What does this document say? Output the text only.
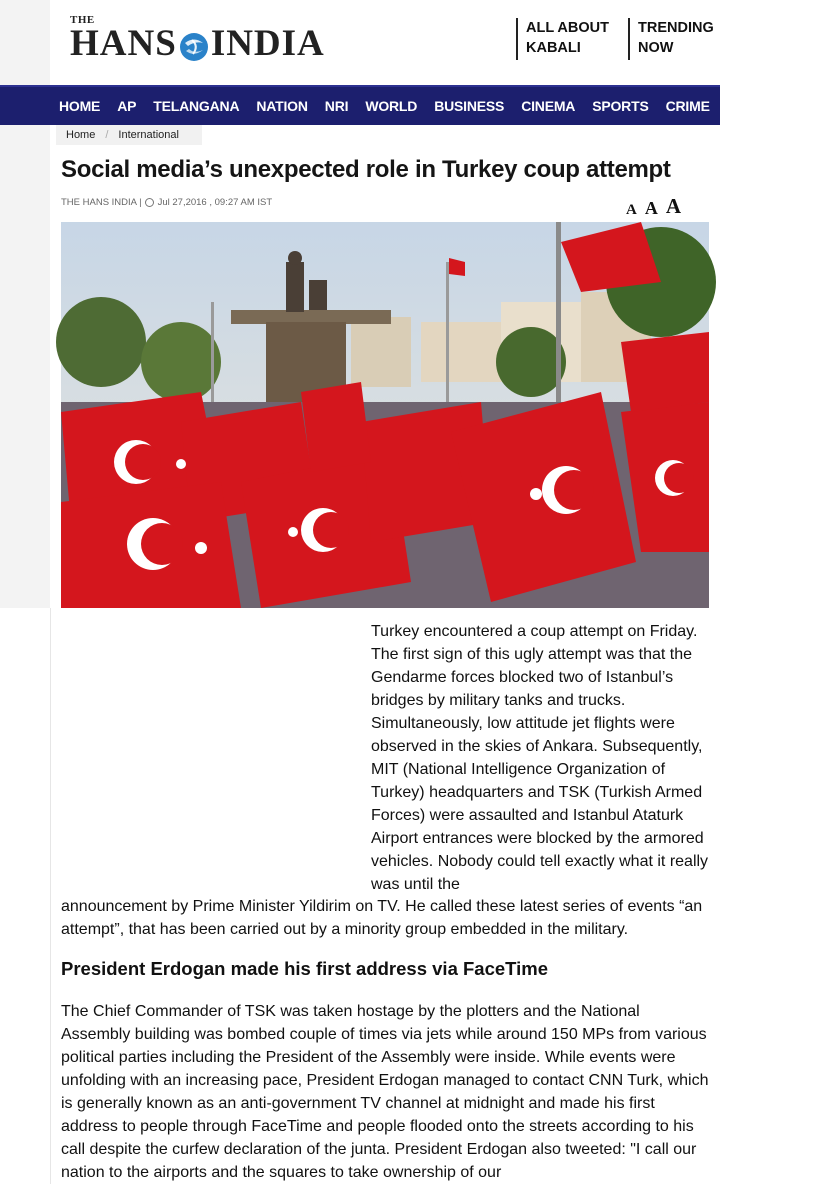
THE
HANS INDIA	ALL ABOUT
KABALI
TRENDING
NOW
HOME AP TELANGANA NATION NRI WORLD BUSINESS CINEMA SPORTS CRIME LIFESTYLE
Home / International
Social media’s unexpected role in Turkey coup attempt
THE HANS INDIA | Jul 27,2016 , 09:27 AM IST	A A A

Turkey encountered a coup attempt on Friday. The first sign of this ugly attempt was that the Gendarme forces blocked two of Istanbul’s bridges by military tanks and trucks. Simultaneously, low attitude jet flights were observed in the skies of Ankara. Subsequently, MIT (National Intelligence Organization of Turkey) headquarters and TSK (Turkish Armed Forces) were assaulted and Istanbul Ataturk Airport entrances were blocked by the armored vehicles. Nobody could tell exactly what it really was until the

announcement by Prime Minister Yildirim on TV. He called these latest series of events “an attempt”, that has been carried out by a minority group embedded in the military.

President Erdogan made his first address via FaceTime

The Chief Commander of TSK was taken hostage by the plotters and the National Assembly building was bombed couple of times via jets while around 150 MPs from various political parties including the President of the Assembly were inside. While events were unfolding with an increasing pace, President Erdogan managed to contact CNN Turk, which is generally known as an anti-government TV channel at midnight and made his first address to people through FaceTime and people flooded onto the streets according to his call despite the curfew declaration of the junta. President Erdogan also tweeted: "I call our nation to the airports and the squares to take ownership of our
